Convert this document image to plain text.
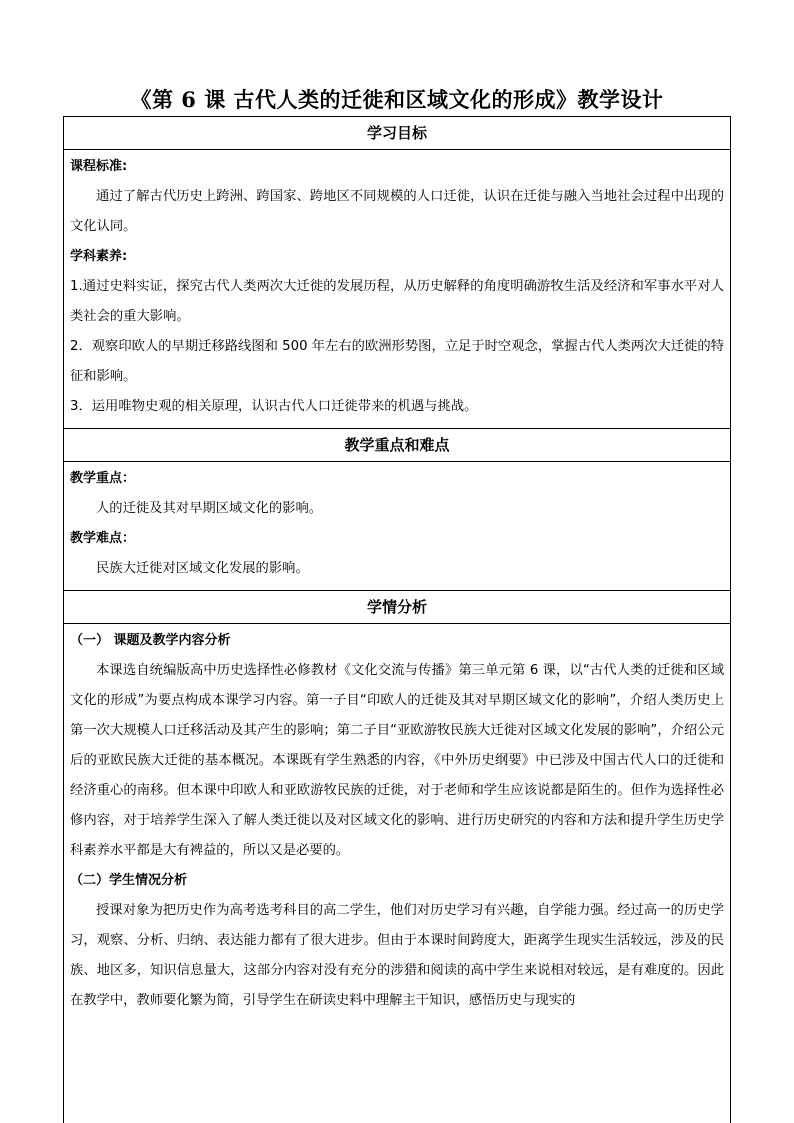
《第 6 课 古代人类的迁徙和区域文化的形成》教学设计
学习目标
课程标准:

通过了解古代历史上跨洲、跨国家、跨地区不同规模的人口迁徙，认识在迁徙与融入当地社会过程中出现的文化认同。

学科素养:

1.通过史料实证，探究古代人类两次大迁徙的发展历程，从历史解释的角度明确游牧生活及经济和军事水平对人类社会的重大影响。

2．观察印欧人的早期迁移路线图和 500 年左右的欧洲形势图，立足于时空观念，掌握古代人类两次大迁徙的特征和影响。

3．运用唯物史观的相关原理，认识古代人口迁徙带来的机遇与挑战。

教学重点和难点
教学重点：

人的迁徙及其对早期区域文化的影响。

教学难点：

民族大迁徙对区域文化发展的影响。

学情分析
（一） 课题及教学内容分析

本课选自统编版高中历史选择性必修教材《文化交流与传播》第三单元第 6 课，以“古代人类的迁徙和区域文化的形成”为要点构成本课学习内容。第一子目“印欧人的迁徙及其对早期区域文化的影响”，介绍人类历史上第一次大规模人口迁移活动及其产生的影响；第二子目“亚欧游牧民族大迁徙对区域文化发展的影响”，介绍公元后的亚欧民族大迁徙的基本概况。本课既有学生熟悉的内容，《中外历史纲要》中已涉及中国古代人口的迁徙和经济重心的南移。但本课中印欧人和亚欧游牧民族的迁徙，对于老师和学生应该说都是陌生的。但作为选择性必修内容，对于培养学生深入了解人类迁徙以及对区域文化的影响、进行历史研究的内容和方法和提升学生历史学科素养水平都是大有裨益的，所以又是必要的。

（二）学生情况分析

授课对象为把历史作为高考选考科目的高二学生，他们对历史学习有兴趣，自学能力强。经过高一的历史学习，观察、分析、归纳、表达能力都有了很大进步。但由于本课时间跨度大，距离学生现实生活较远，涉及的民族、地区多，知识信息量大，这部分内容对没有充分的涉猎和阅读的高中学生来说相对较远，是有难度的。因此在教学中，教师要化繁为简，引导学生在研读史料中理解主干知识，感悟历史与现实的
